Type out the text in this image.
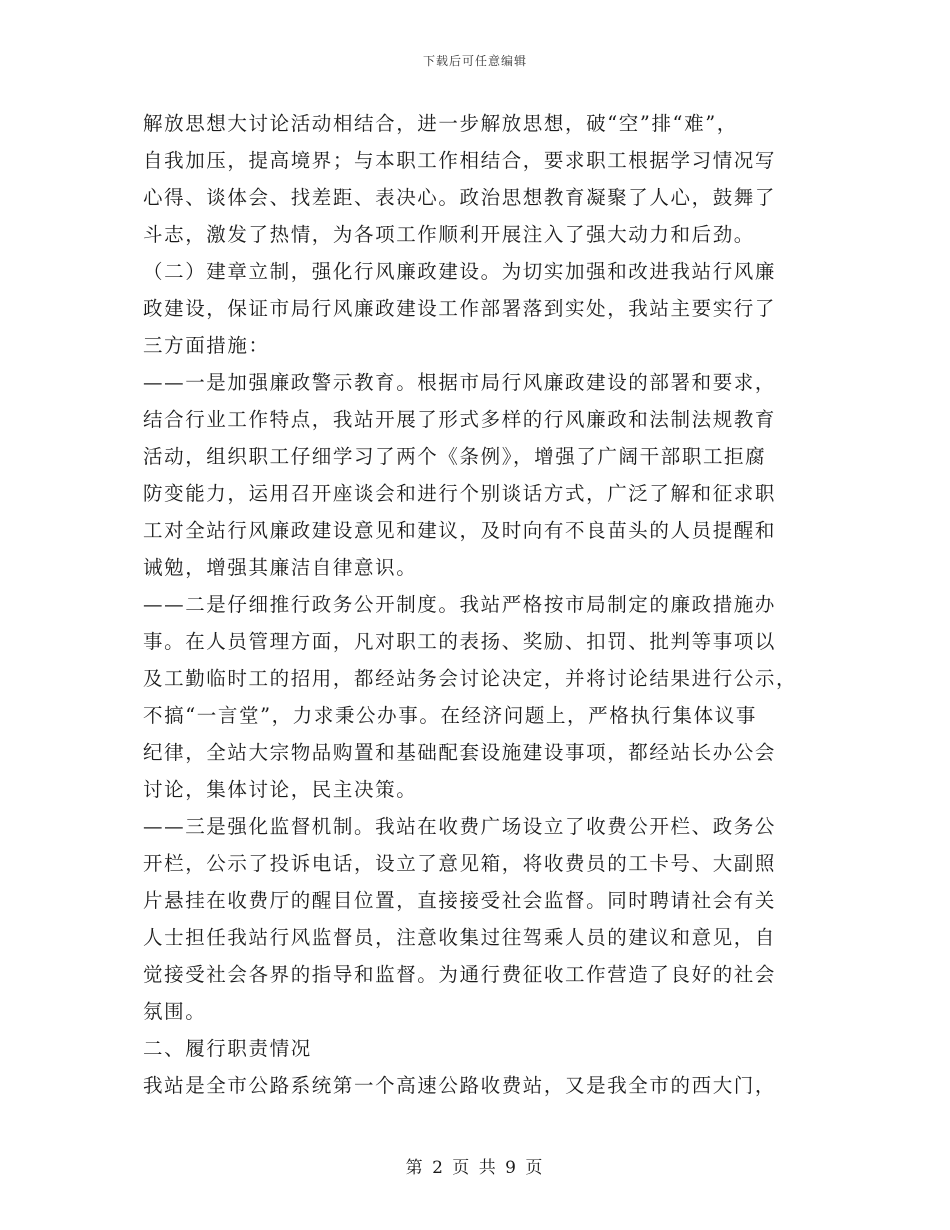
下载后可任意编辑
解放思想大讨论活动相结合，进一步解放思想，破“空”排“难”，
自我加压，提高境界；与本职工作相结合，要求职工根据学习情况写
心得、谈体会、找差距、表决心。政治思想教育凝聚了人心，鼓舞了
斗志，激发了热情，为各项工作顺利开展注入了强大动力和后劲。
（二）建章立制，强化行风廉政建设。为切实加强和改进我站行风廉
政建设，保证市局行风廉政建设工作部署落到实处，我站主要实行了
三方面措施：
——一是加强廉政警示教育。根据市局行风廉政建设的部署和要求，
结合行业工作特点，我站开展了形式多样的行风廉政和法制法规教育
活动，组织职工仔细学习了两个《条例》，增强了广阔干部职工拒腐
防变能力，运用召开座谈会和进行个别谈话方式，广泛了解和征求职
工对全站行风廉政建设意见和建议，及时向有不良苗头的人员提醒和
诫勉，增强其廉洁自律意识。
——二是仔细推行政务公开制度。我站严格按市局制定的廉政措施办
事。在人员管理方面，凡对职工的表扬、奖励、扣罚、批判等事项以
及工勤临时工的招用，都经站务会讨论决定，并将讨论结果进行公示，
不搞“一言堂”，力求秉公办事。在经济问题上，严格执行集体议事
纪律，全站大宗物品购置和基础配套设施建设事项，都经站长办公会
讨论，集体讨论，民主决策。
——三是强化监督机制。我站在收费广场设立了收费公开栏、政务公
开栏，公示了投诉电话，设立了意见箱，将收费员的工卡号、大副照
片悬挂在收费厅的醒目位置，直接接受社会监督。同时聘请社会有关
人士担任我站行风监督员，注意收集过往驾乘人员的建议和意见，自
觉接受社会各界的指导和监督。为通行费征收工作营造了良好的社会
氛围。
二、履行职责情况
我站是全市公路系统第一个高速公路收费站，又是我全市的西大门，
第 2 页 共 9 页
